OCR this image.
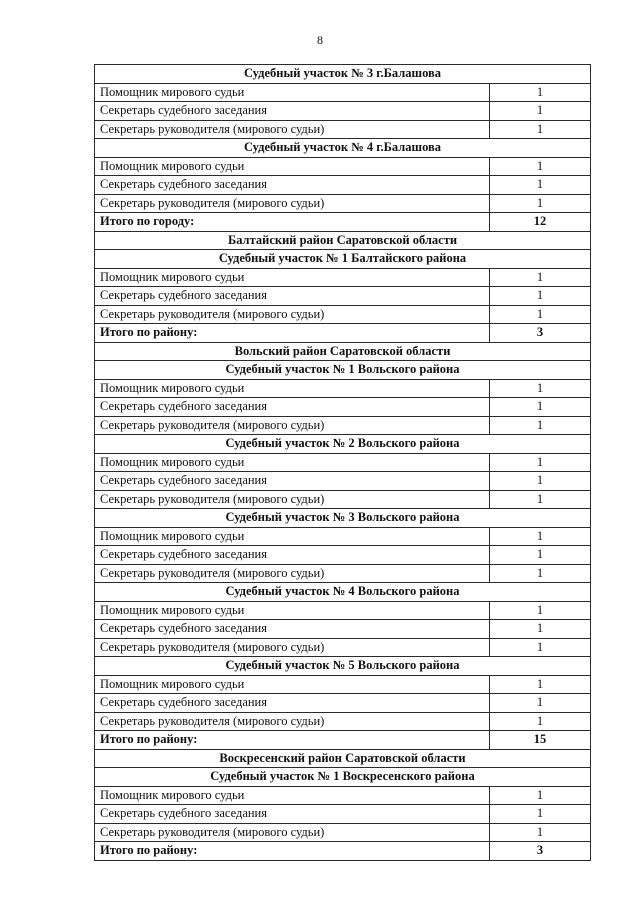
8
Судебный участок № 3 г.Балашова	
Помощник мирового судьи	1
Секретарь судебного заседания	1
Секретарь руководителя (мирового судьи)	1
Судебный участок № 4 г.Балашова	
Помощник мирового судьи	1
Секретарь судебного заседания	1
Секретарь руководителя (мирового судьи)	1
Итого по городу:	12
Балтайский район Саратовской области	
Судебный участок № 1 Балтайского района	
Помощник мирового судьи	1
Секретарь судебного заседания	1
Секретарь руководителя (мирового судьи)	1
Итого по району:	3
Вольский район Саратовской области	
Судебный участок № 1 Вольского района	
Помощник мирового судьи	1
Секретарь судебного заседания	1
Секретарь руководителя (мирового судьи)	1
Судебный участок № 2 Вольского района	
Помощник мирового судьи	1
Секретарь судебного заседания	1
Секретарь руководителя (мирового судьи)	1
Судебный участок № 3 Вольского района	
Помощник мирового судьи	1
Секретарь судебного заседания	1
Секретарь руководителя (мирового судьи)	1
Судебный участок № 4 Вольского района	
Помощник мирового судьи	1
Секретарь судебного заседания	1
Секретарь руководителя (мирового судьи)	1
Судебный участок № 5 Вольского района	
Помощник мирового судьи	1
Секретарь судебного заседания	1
Секретарь руководителя (мирового судьи)	1
Итого по району:	15
Воскресенский район Саратовской области	
Судебный участок № 1 Воскресенского района	
Помощник мирового судьи	1
Секретарь судебного заседания	1
Секретарь руководителя (мирового судьи)	1
Итого по району:	3
